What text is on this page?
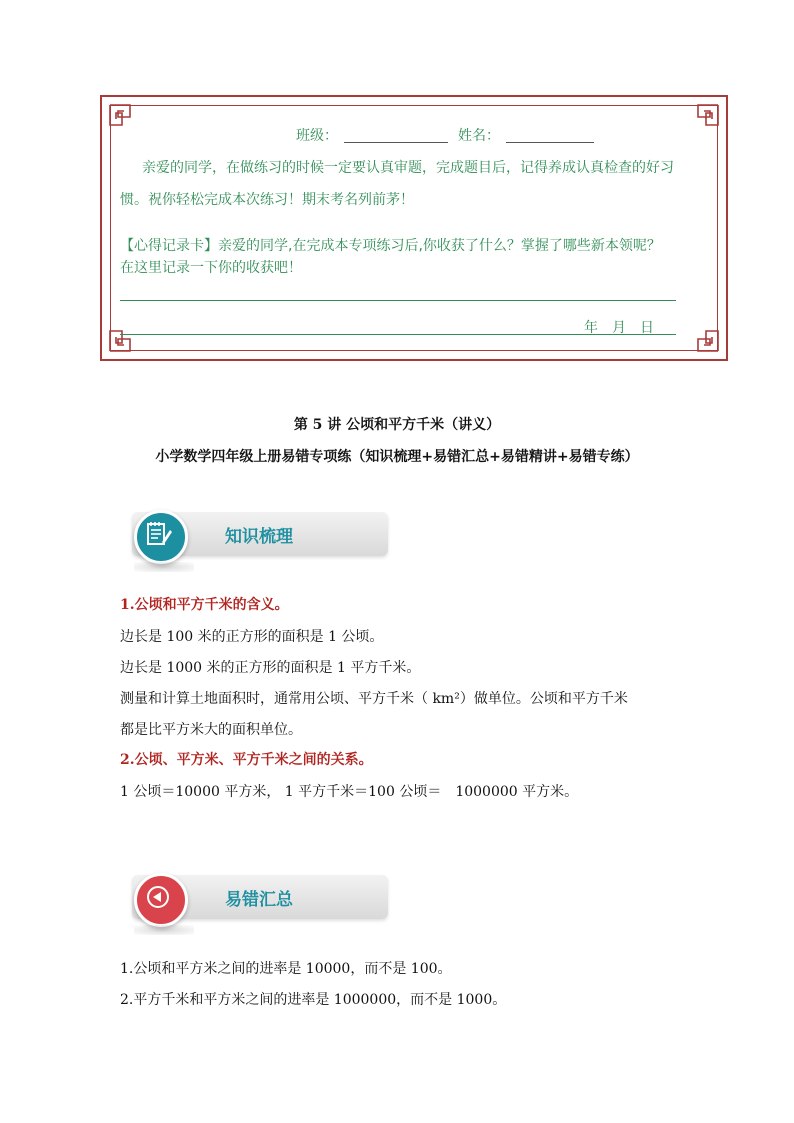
班级：	姓名：
亲爱的同学，在做练习的时候一定要认真审题，完成题目后，记得养成认真检查的好习
惯。祝你轻松完成本次练习！期末考名列前茅！
【心得记录卡】亲爱的同学,在完成本专项练习后,你收获了什么？掌握了哪些新本领呢？
在这里记录一下你的收获吧！
年　月　日
第 5 讲 公顷和平方千米（讲义）
小学数学四年级上册易错专项练（知识梳理+易错汇总+易错精讲+易错专练）
知识梳理
1.公顷和平方千米的含义。
边长是 100 米的正方形的面积是 1 公顷。
边长是 1000 米的正方形的面积是 1 平方千米。
测量和计算土地面积时，通常用公顷、平方千米（ km²）做单位。公顷和平方千米
都是比平方米大的面积单位。
2.公顷、平方米、平方千米之间的关系。
1 公顷＝10000 平方米， 1 平方千米＝100 公顷＝　1000000 平方米。
易错汇总
1.公顷和平方米之间的进率是 10000，而不是 100。
2.平方千米和平方米之间的进率是 1000000，而不是 1000。
